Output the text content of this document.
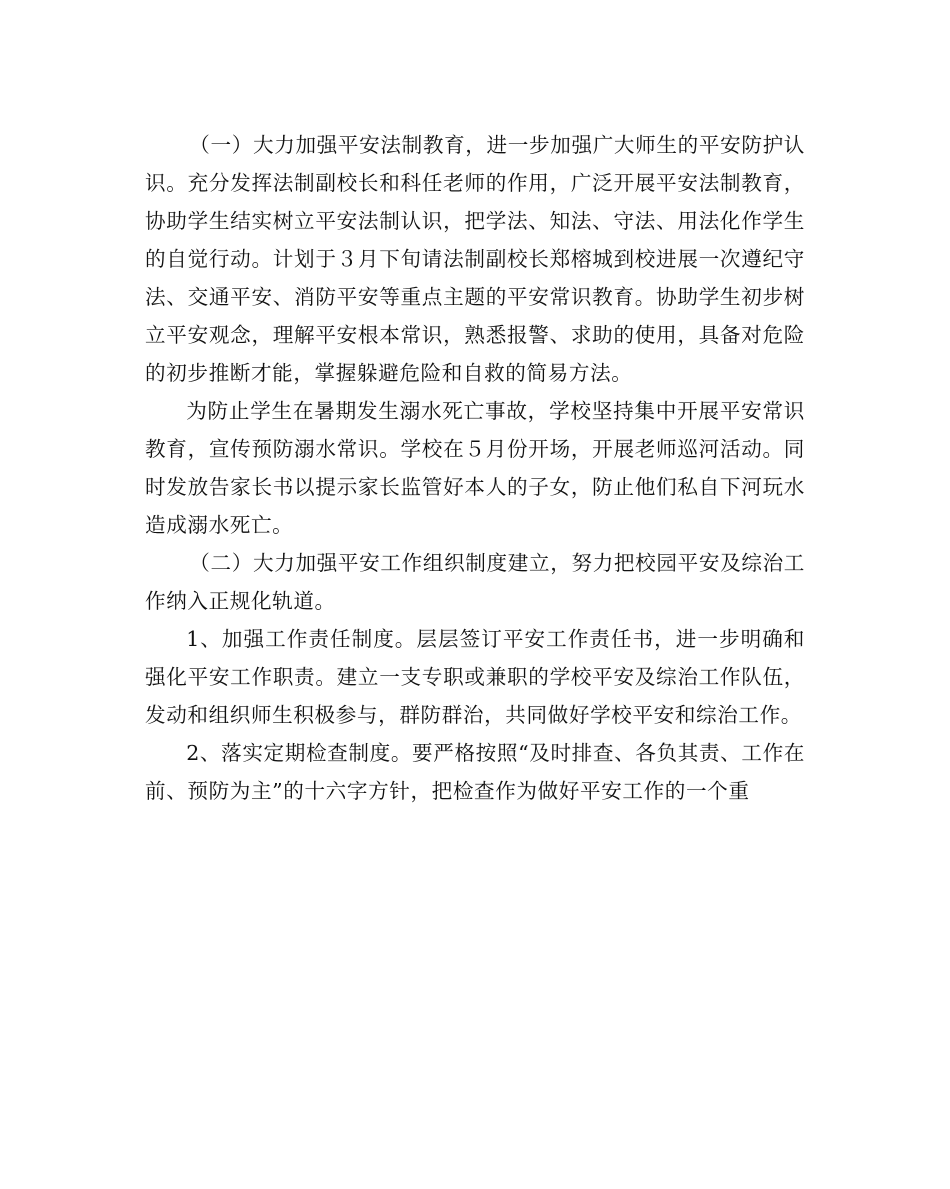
（一）大力加强平安法制教育，进一步加强广大师生的平安防护认识。充分发挥法制副校长和科任老师的作用，广泛开展平安法制教育，协助学生结实树立平安法制认识，把学法、知法、守法、用法化作学生的自觉行动。计划于３月下旬请法制副校长郑榕城到校进展一次遵纪守法、交通平安、消防平安等重点主题的平安常识教育。协助学生初步树立平安观念，理解平安根本常识，熟悉报警、求助的使用，具备对危险的初步推断才能，掌握躲避危险和自救的简易方法。

为防止学生在暑期发生溺水死亡事故，学校坚持集中开展平安常识教育，宣传预防溺水常识。学校在５月份开场，开展老师巡河活动。同时发放告家长书以提示家长监管好本人的子女，防止他们私自下河玩水造成溺水死亡。

（二）大力加强平安工作组织制度建立，努力把校园平安及综治工作纳入正规化轨道。

1、加强工作责任制度。层层签订平安工作责任书，进一步明确和强化平安工作职责。建立一支专职或兼职的学校平安及综治工作队伍，发动和组织师生积极参与，群防群治，共同做好学校平安和综治工作。

2、落实定期检查制度。要严格按照“及时排查、各负其责、工作在前、预防为主”的十六字方针，把检查作为做好平安工作的一个重
